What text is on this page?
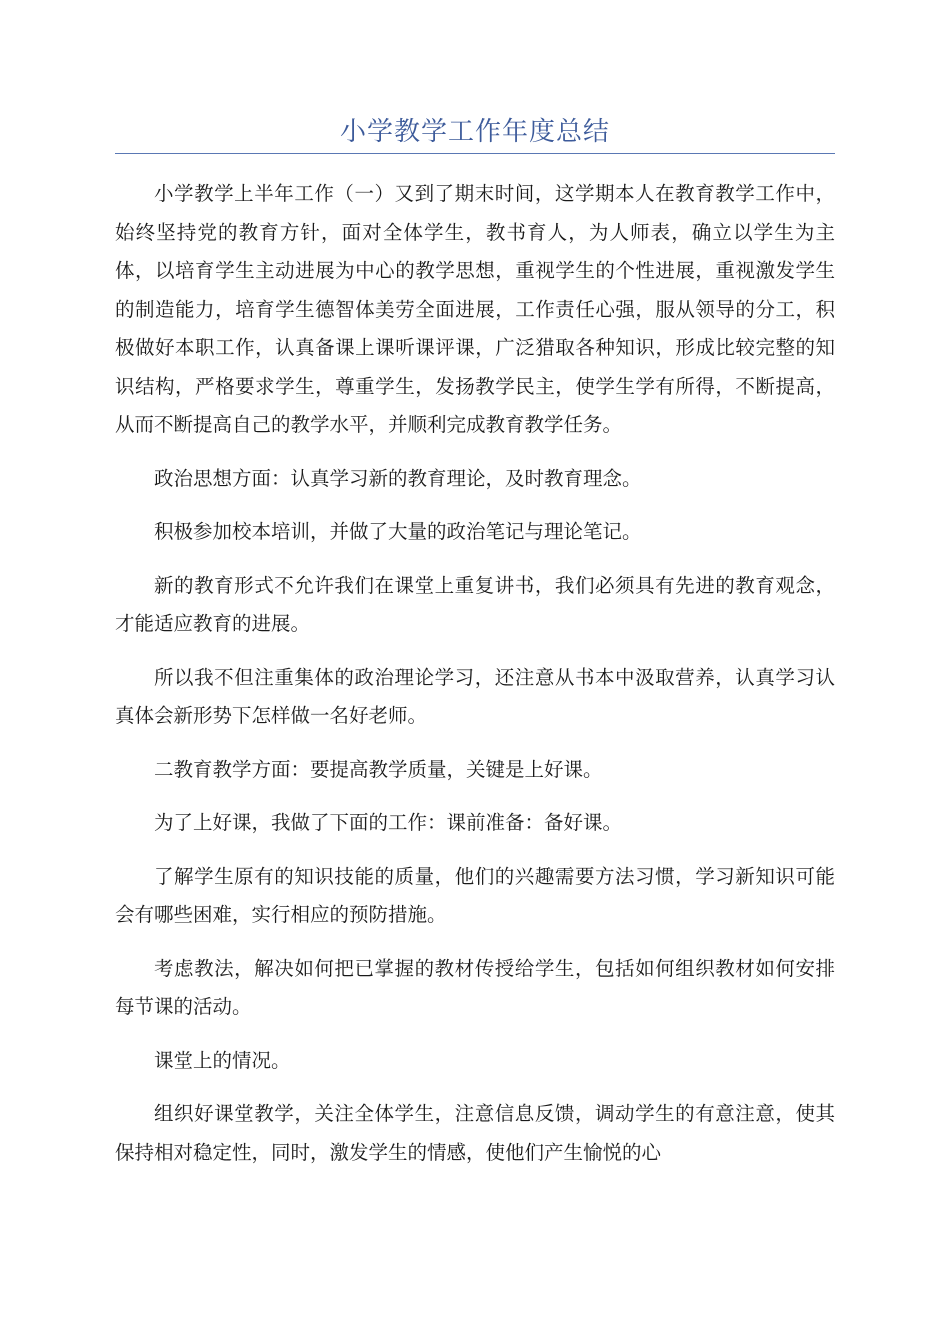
小学教学工作年度总结

小学教学上半年工作（一）又到了期末时间，这学期本人在教育教学工作中，始终坚持党的教育方针，面对全体学生，教书育人，为人师表，确立以学生为主体，以培育学生主动进展为中心的教学思想，重视学生的个性进展，重视激发学生的制造能力，培育学生德智体美劳全面进展，工作责任心强，服从领导的分工，积极做好本职工作，认真备课上课听课评课，广泛猎取各种知识，形成比较完整的知识结构，严格要求学生，尊重学生，发扬教学民主，使学生学有所得，不断提高，从而不断提高自己的教学水平，并顺利完成教育教学任务。

政治思想方面：认真学习新的教育理论，及时教育理念。

积极参加校本培训，并做了大量的政治笔记与理论笔记。

新的教育形式不允许我们在课堂上重复讲书，我们必须具有先进的教育观念，才能适应教育的进展。

所以我不但注重集体的政治理论学习，还注意从书本中汲取营养，认真学习认真体会新形势下怎样做一名好老师。

二教育教学方面：要提高教学质量，关键是上好课。

为了上好课，我做了下面的工作：课前准备：备好课。

了解学生原有的知识技能的质量，他们的兴趣需要方法习惯，学习新知识可能会有哪些困难，实行相应的预防措施。

考虑教法，解决如何把已掌握的教材传授给学生，包括如何组织教材如何安排每节课的活动。

课堂上的情况。

组织好课堂教学，关注全体学生，注意信息反馈，调动学生的有意注意，使其保持相对稳定性，同时，激发学生的情感，使他们产生愉悦的心
